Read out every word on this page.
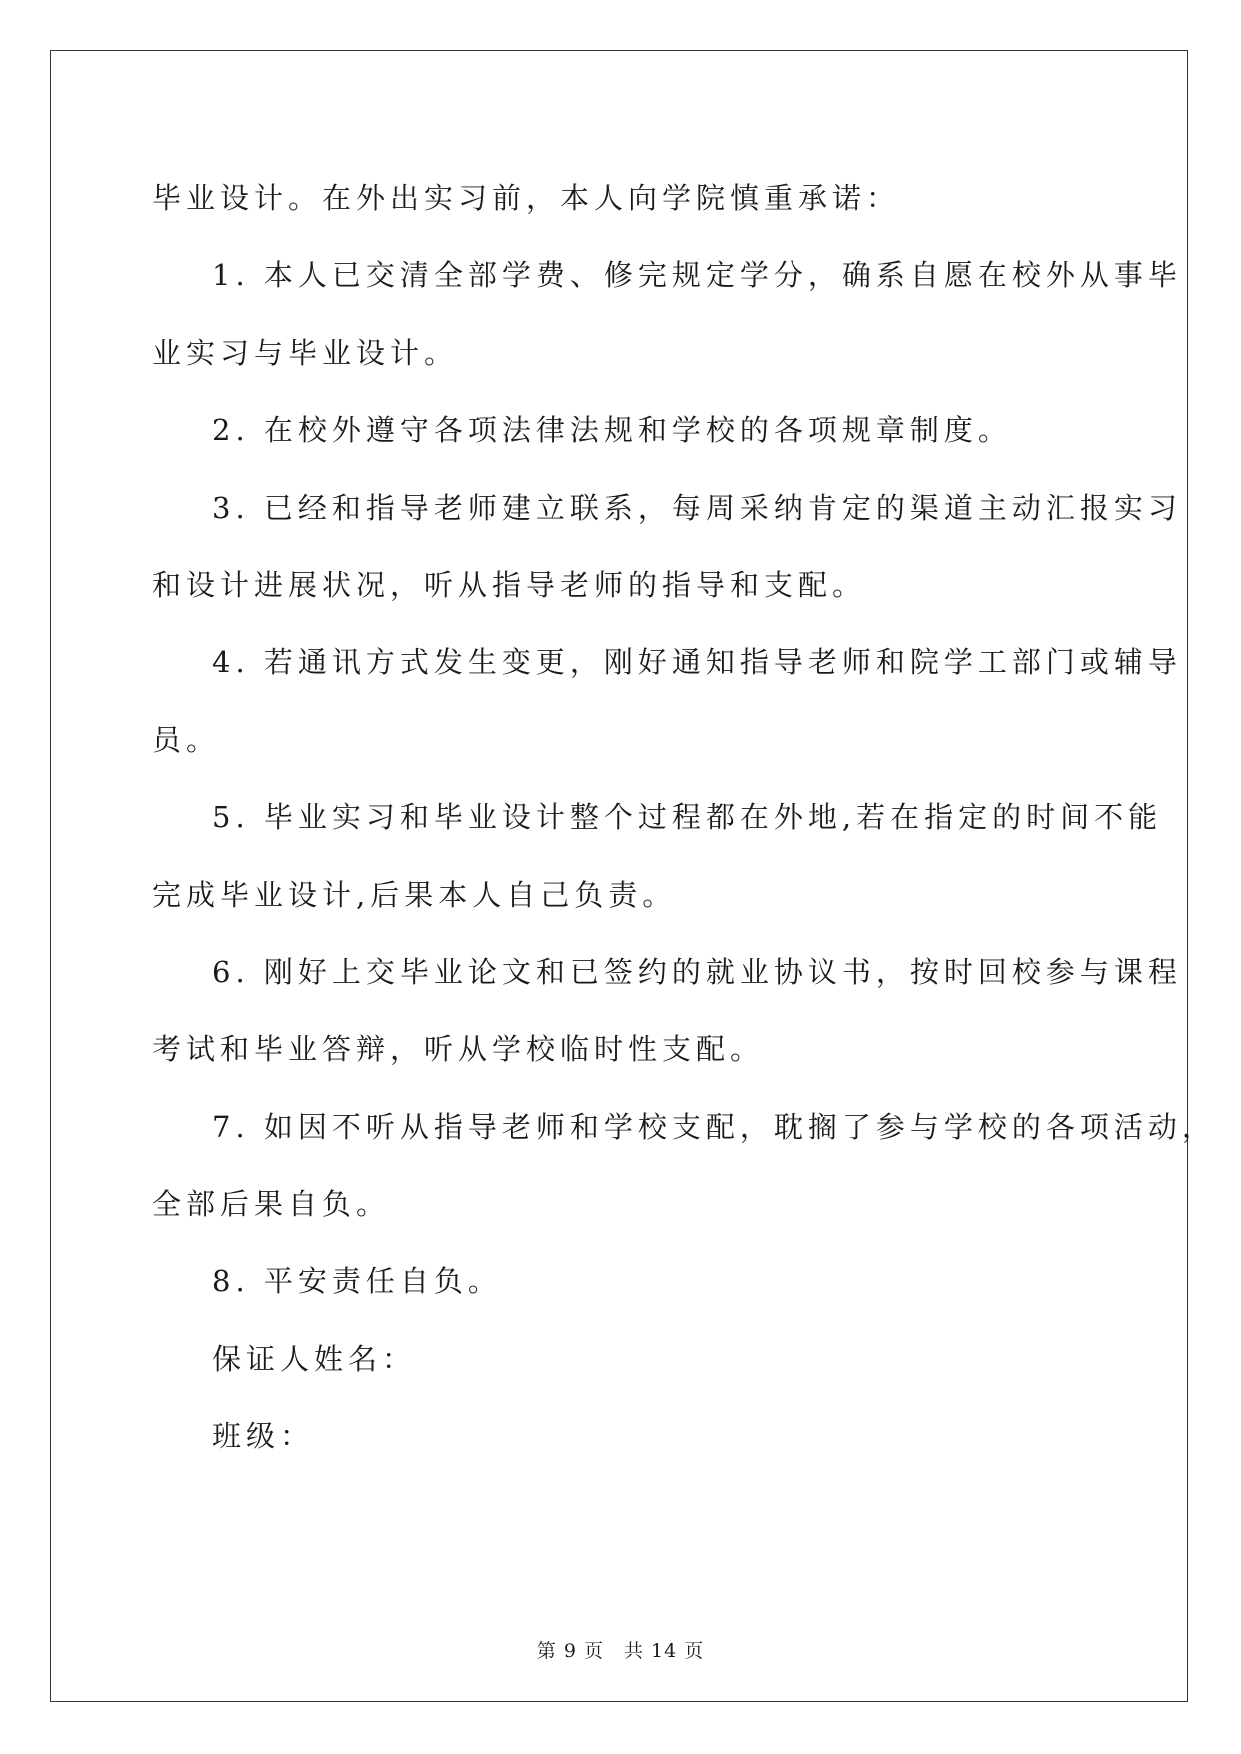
毕业设计。在外出实习前，本人向学院慎重承诺：
1. 本人已交清全部学费、修完规定学分，确系自愿在校外从事毕
业实习与毕业设计。
2. 在校外遵守各项法律法规和学校的各项规章制度。
3. 已经和指导老师建立联系，每周采纳肯定的渠道主动汇报实习
和设计进展状况，听从指导老师的指导和支配。
4. 若通讯方式发生变更，刚好通知指导老师和院学工部门或辅导
员。
5. 毕业实习和毕业设计整个过程都在外地,若在指定的时间不能
完成毕业设计,后果本人自己负责。
6. 刚好上交毕业论文和已签约的就业协议书，按时回校参与课程
考试和毕业答辩，听从学校临时性支配。
7. 如因不听从指导老师和学校支配，耽搁了参与学校的各项活动，
全部后果自负。
8. 平安责任自负。
保证人姓名：
班级：
第 9 页　共 14 页
